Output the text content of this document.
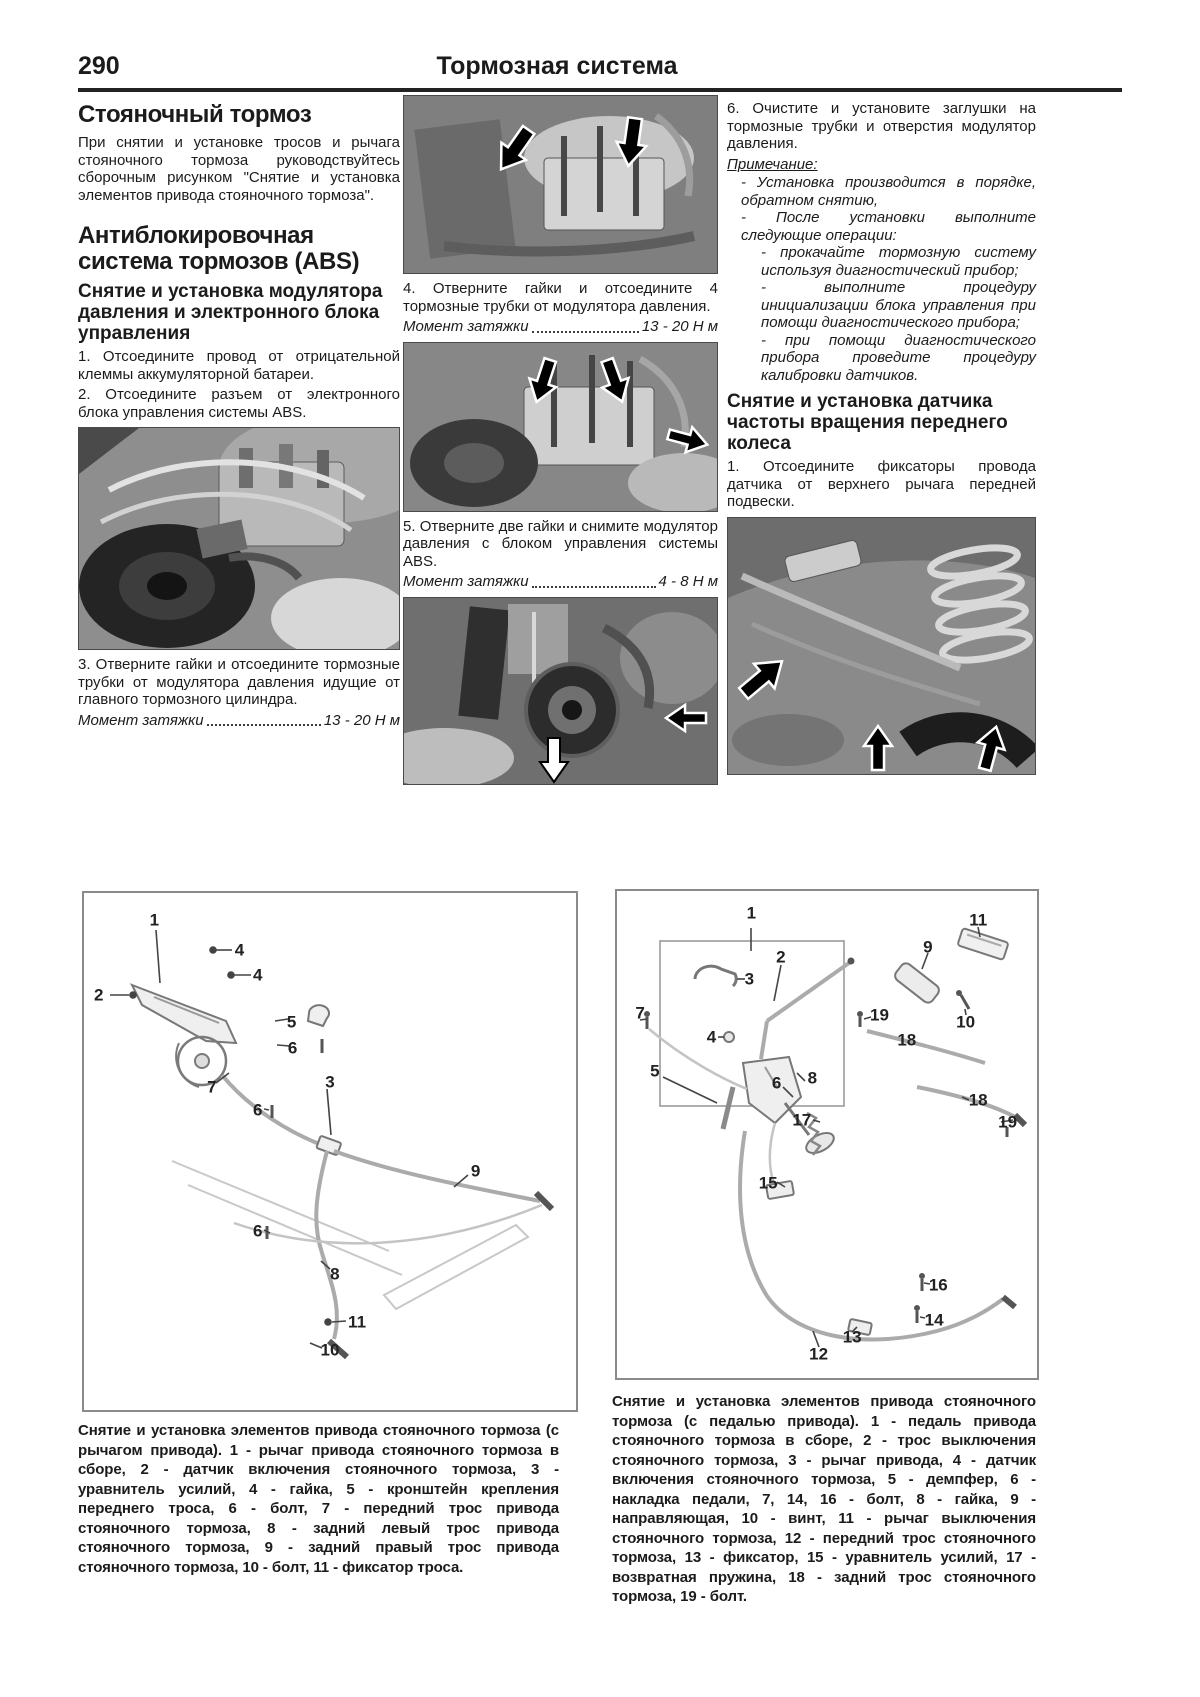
290	Тормозная система
Стояночный тормоз
При снятии и установке тросов и рычага стояночного тормоза руководствуйтесь сборочным рисунком "Снятие и установка элементов привода стояночного тормоза".
Антиблокировочная система тормозов (ABS)
Снятие и установка модулятора давления и электронного блока управления
1. Отсоедините провод от отрицательной клеммы аккумуляторной батареи.
2. Отсоедините разъем от электронного блока управления системы ABS.
3. Отверните гайки и отсоедините тормозные трубки от модулятора давления идущие от главного тормозного цилиндра.
Момент затяжки	13 - 20 Н м
4. Отверните гайки и отсоедините 4 тормозные трубки от модулятора давления.
Момент затяжки	13 - 20 Н м
5. Отверните две гайки и снимите модулятор давления с блоком управления системы ABS.
Момент затяжки	4 - 8 Н м
6. Очистите и установите заглушки на тормозные трубки и отверстия модулятор давления.
Примечание:
- Установка производится в порядке, обратном снятию,
- После установки выполните следующие операции:
- прокачайте тормозную систему используя диагностический прибор;
- выполните процедуру инициализации блока управления при помощи диагностического прибора;
- при помощи диагностического прибора проведите процедуру калибровки датчиков.
Снятие и установка датчика частоты вращения переднего колеса
1. Отсоедините фиксаторы провода датчика от верхнего рычага передней подвески.
1
4
4
2
5
6
7	3
6
9
6
8
11
10
1	11
9
2
3
7
10
4
19
18
5
6 8
17
18
19
15
16
14
13
12
Снятие и установка элементов привода стояночного тормоза (с рычагом привода). 1 - рычаг привода стояночного тормоза в сборе, 2 - датчик включения стояночного тормоза, 3 - уравнитель усилий, 4 - гайка, 5 - кронштейн крепления переднего троса, 6 - болт, 7 - передний трос привода стояночного тормоза, 8 - задний левый трос привода стояночного тормоза, 9 - задний правый трос привода стояночного тормоза, 10 - болт, 11 - фиксатор троса.
Снятие и установка элементов привода стояночного тормоза (с педалью привода). 1 - педаль привода стояночного тормоза в сборе, 2 - трос выключения стояночного тормоза, 3 - рычаг привода, 4 - датчик включения стояночного тормоза, 5 - демпфер, 6 - накладка педали, 7, 14, 16 - болт, 8 - гайка, 9 - направляющая, 10 - винт, 11 - рычаг выключения стояночного тормоза, 12 - передний трос стояночного тормоза, 13 - фиксатор, 15 - уравнитель усилий, 17 - возвратная пружина, 18 - задний трос стояночного тормоза, 19 - болт.
